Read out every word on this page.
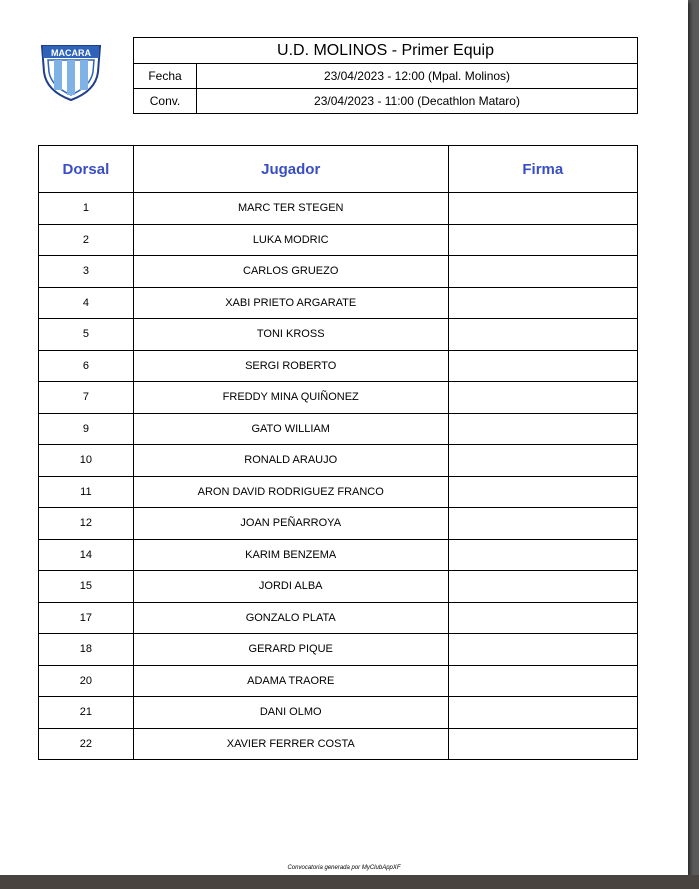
MACARA	U.D. MOLINOS - Primer Equip	
Fecha	23/04/2023 - 12:00 (Mpal. Molinos)
Conv.	23/04/2023 - 11:00 (Decathlon Mataro)
Dorsal	Jugador	Firma
1	MARC TER STEGEN	
2	LUKA MODRIC	
3	CARLOS GRUEZO	
4	XABI PRIETO ARGARATE	
5	TONI KROSS	
6	SERGI ROBERTO	
7	FREDDY MINA QUIÑONEZ	
9	GATO WILLIAM	
10	RONALD ARAUJO	
11	ARON DAVID RODRIGUEZ FRANCO	
12	JOAN PEÑARROYA	
14	KARIM BENZEMA	
15	JORDI ALBA	
17	GONZALO PLATA	
18	GERARD PIQUE	
20	ADAMA TRAORE	
21	DANI OLMO	
22	XAVIER FERRER COSTA	
Convocatoria generada por MyClubAppXF
